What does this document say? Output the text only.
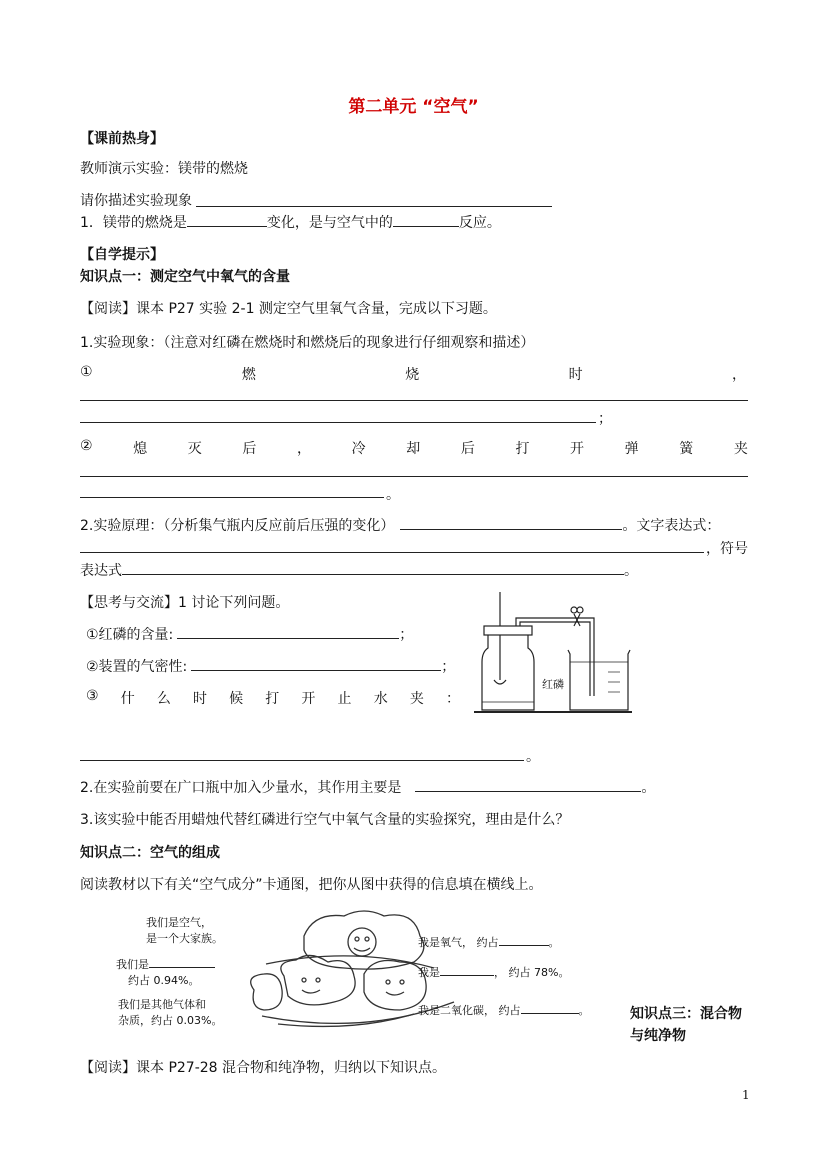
第二单元 “空气”
【课前热身】
教师演示实验：镁带的燃烧
请你描述实验现象
1．镁带的燃烧是	变化，是与空气中的	反应。
【自学提示】
知识点一：测定空气中氧气的含量
【阅读】课本 P27 实验 2-1 测定空气里氧气含量，完成以下习题。
1.实验现象：（注意对红磷在燃烧时和燃烧后的现象进行仔细观察和描述）
①	燃	烧	时	，
；
②	熄	灭	后	，	冷	却	后	打	开	弹	簧	夹
。
2.实验原理：（分析集气瓶内反应前后压强的变化）	。文字表达式：
，符号
表达式	。
【思考与交流】1 讨论下列问题。
①红磷的含量:	；
②装置的气密性:	；
③ 什 么 时 候 打 开 止 水 夹 ：
红磷
。
2.在实验前要在广口瓶中加入少量水，其作用主要是	。
3.该实验中能否用蜡烛代替红磷进行空气中氧气含量的实验探究，理由是什么？
知识点二：空气的组成
阅读教材以下有关“空气成分”卡通图，把你从图中获得的信息填在横线上。
我们是空气，
是一个大家族。
我们是
约占 0.94%。
我们是其他气体和
杂质，约占 0.03%。
我是氧气， 约占	。
我是	， 约占 78%。
我是二氧化碳， 约占	。	知识点三：混合物
与纯净物
【阅读】课本 P27-28 混合物和纯净物，归纳以下知识点。
1
